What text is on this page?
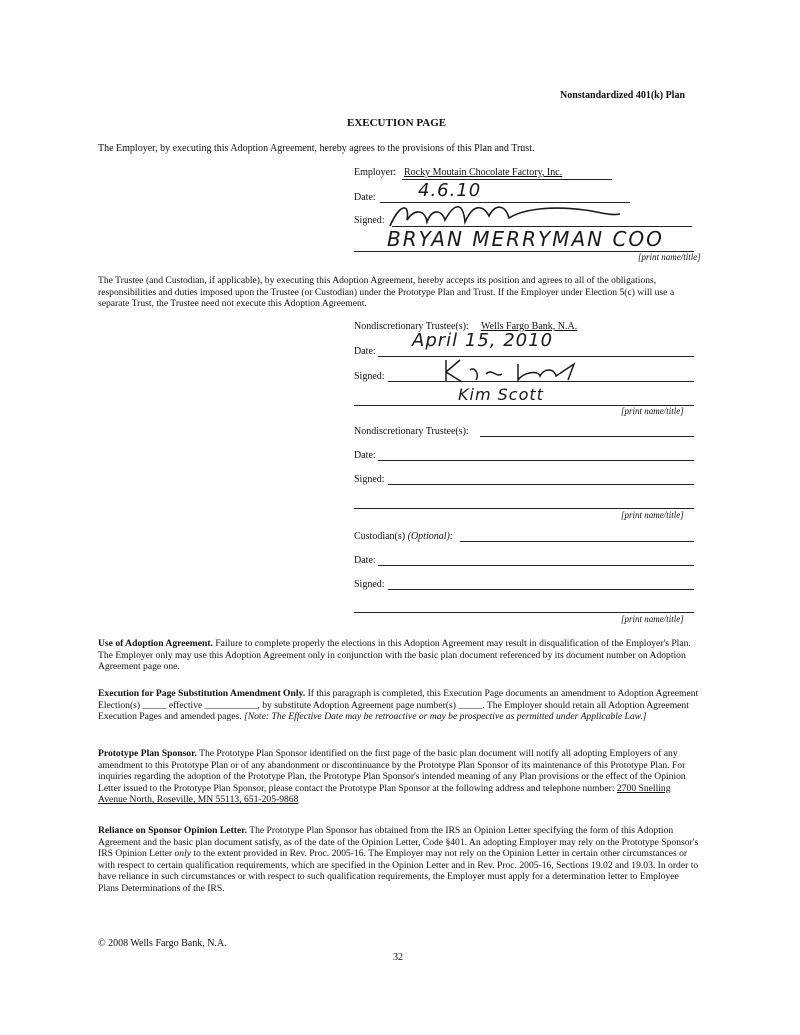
Nonstandardized 401(k) Plan
EXECUTION PAGE
The Employer, by executing this Adoption Agreement, hereby agrees to the provisions of this Plan and Trust.
Employer: Rocky Moutain Chocolate Factory, Inc.
Date: 4.6.10
Signed:
BRYAN MERRYMAN COO
[print name/title]
The Trustee (and Custodian, if applicable), by executing this Adoption Agreement, hereby accepts its position and agrees to all of the obligations, responsibilities and duties imposed upon the Trustee (or Custodian) under the Prototype Plan and Trust. If the Employer under Election 5(c) will use a separate Trust, the Trustee need not execute this Adoption Agreement.
Nondiscretionary Trustee(s): Wells Fargo Bank, N.A.
Date:
April 15, 2010
Signed:
Kim Scott
[print name/title]
Nondiscretionary Trustee(s):
Date:
Signed:
[print name/title]
Custodian(s) (Optional):
Date:
Signed:
[print name/title]
Use of Adoption Agreement. Failure to complete properly the elections in this Adoption Agreement may result in disqualification of the Employer's Plan. The Employer only may use this Adoption Agreement only in conjunction with the basic plan document referenced by its document number on Adoption Agreement page one.
Execution for Page Substitution Amendment Only. If this paragraph is completed, this Execution Page documents an amendment to Adoption Agreement Election(s) _____ effective ___________, by substitute Adoption Agreement page number(s) _____. The Employer should retain all Adoption Agreement Execution Pages and amended pages. [Note: The Effective Date may be retroactive or may be prospective as permitted under Applicable Law.]
Prototype Plan Sponsor. The Prototype Plan Sponsor identified on the first page of the basic plan document will notify all adopting Employers of any amendment to this Prototype Plan or of any abandonment or discontinuance by the Prototype Plan Sponsor of its maintenance of this Prototype Plan. For inquiries regarding the adoption of the Prototype Plan, the Prototype Plan Sponsor's intended meaning of any Plan provisions or the effect of the Opinion Letter issued to the Prototype Plan Sponsor, please contact the Prototype Plan Sponsor at the following address and telephone number: 2700 Snelling Avenue North, Roseville, MN 55113, 651-205-9868
Reliance on Sponsor Opinion Letter. The Prototype Plan Sponsor has obtained from the IRS an Opinion Letter specifying the form of this Adoption Agreement and the basic plan document satisfy, as of the date of the Opinion Letter, Code §401. An adopting Employer may rely on the Prototype Sponsor's IRS Opinion Letter only to the extent provided in Rev. Proc. 2005-16. The Employer may not rely on the Opinion Letter in certain other circumstances or with respect to certain qualification requirements, which are specified in the Opinion Letter and in Rev. Proc. 2005-16, Sections 19.02 and 19.03. In order to have reliance in such circumstances or with respect to such qualification requirements, the Employer must apply for a determination letter to Employee Plans Determinations of the IRS.
© 2008 Wells Fargo Bank, N.A.
32
